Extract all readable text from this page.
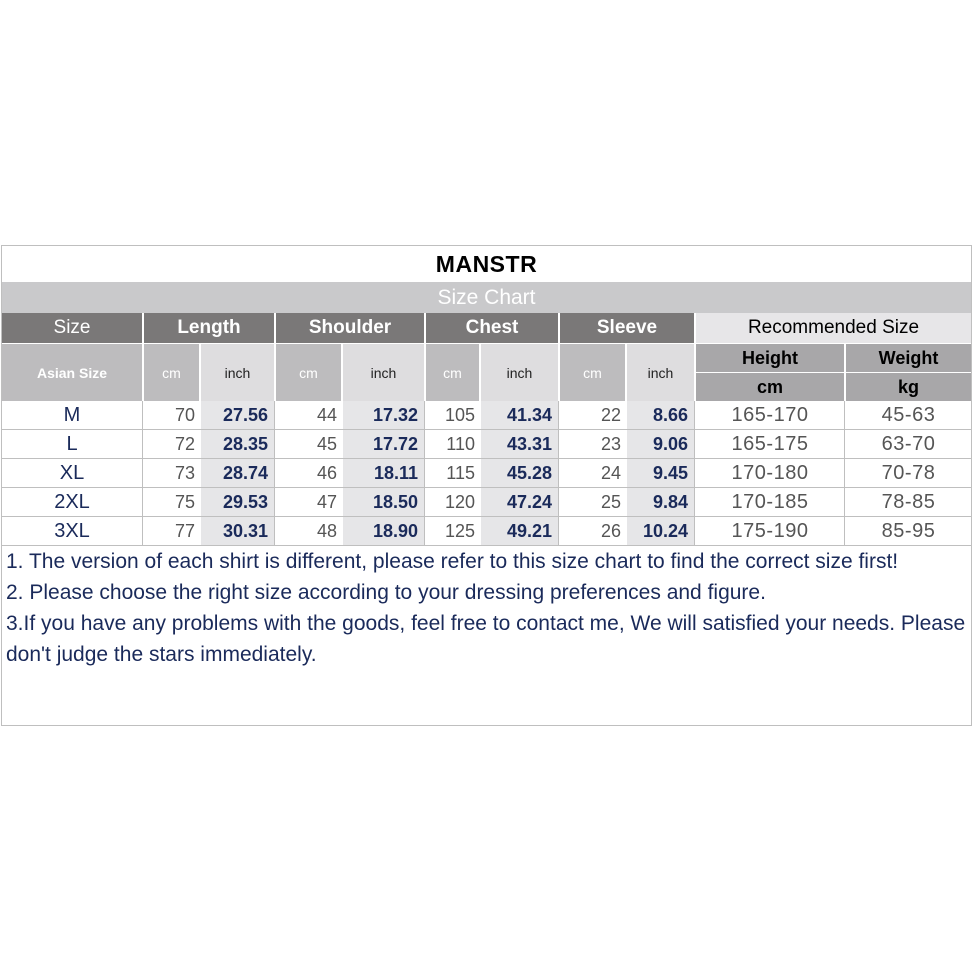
MANSTR
Size Chart
Size	Length	Shoulder	Chest	Sleeve	Recommended Size
Asian Size	cm	inch	cm	inch	cm	inch	cm	inch
Height	Weight
cm	kg
M	70	27.56	44	17.32	105	41.34	22	8.66	165-170	45-63
L	72	28.35	45	17.72	110	43.31	23	9.06	165-175	63-70
XL	73	28.74	46	18.11	115	45.28	24	9.45	170-180	70-78
2XL	75	29.53	47	18.50	120	47.24	25	9.84	170-185	78-85
3XL	77	30.31	48	18.90	125	49.21	26	10.24	175-190	85-95

1. The version of each shirt is different, please refer to this size chart to find the correct size first!

2. Please choose the right size according to your dressing preferences and figure.

3.If you have any problems with the goods, feel free to contact me, We will satisfied your needs. Please don't judge the stars immediately.
